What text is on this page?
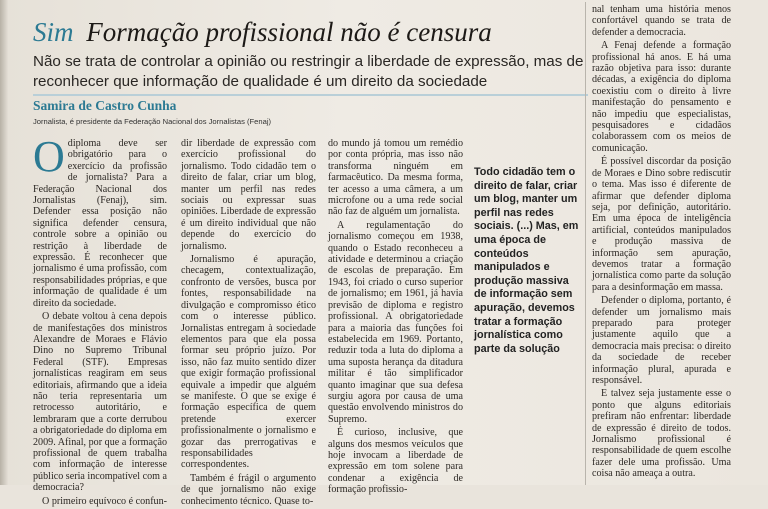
Sim Formação profissional não é censura
Não se trata de controlar a opinião ou restringir a liberdade de expressão, mas de reconhecer que informação de qualidade é um direito da sociedade
Samira de Castro Cunha
Jornalista, é presidente da Federação Nacional dos Jornalistas (Fenaj)

Odiploma deve ser obrigatório para o exercício da profissão de jornalista? Para a Federação Nacional dos Jornalistas (Fenaj), sim. Defender essa posição não significa defender censura, controle sobre a opinião ou restrição à liberdade de expressão. É reconhecer que jornalismo é uma profissão, com responsabilidades próprias, e que informação de qualidade é um direito da sociedade.

O debate voltou à cena depois de manifestações dos ministros Alexandre de Moraes e Flávio Dino no Supremo Tribunal Federal (STF). Empresas jornalísticas reagiram em seus editoriais, afirmando que a ideia não teria representaria um retrocesso autoritário, e lembraram que a corte derrubou a obrigatoriedade do diploma em 2009. Afinal, por que a formação profissional de quem trabalha com informação de interesse público seria incompatível com a democracia?

O primeiro equívoco é confun-

dir liberdade de expressão com exercício profissional do jornalismo. Todo cidadão tem o direito de falar, criar um blog, manter um perfil nas redes sociais ou expressar suas opiniões. Liberdade de expressão é um direito individual que não depende do exercício do jornalismo.

Jornalismo é apuração, checagem, contextualização, confronto de versões, busca por fontes, responsabilidade na divulgação e compromisso ético com o interesse público. Jornalistas entregam à sociedade elementos para que ela possa formar seu próprio juízo. Por isso, não faz muito sentido dizer que exigir formação profissional equivale a impedir que alguém se manifeste. O que se exige é formação específica de quem pretende exercer profissionalmente o jornalismo e gozar das prerrogativas e responsabilidades correspondentes.

Também é frágil o argumento de que jornalismo não exige conhecimento técnico. Quase to-

do mundo já tomou um remédio por conta própria, mas isso não transforma ninguém em farmacêutico. Da mesma forma, ter acesso a uma câmera, a um microfone ou a uma rede social não faz de alguém um jornalista.

A regulamentação do jornalismo começou em 1938, quando o Estado reconheceu a atividade e determinou a criação de escolas de preparação. Em 1943, foi criado o curso superior de jornalismo; em 1961, já havia previsão de diploma e registro profissional. A obrigatoriedade para a maioria das funções foi estabelecida em 1969. Portanto, reduzir toda a luta do diploma a uma suposta herança da ditadura militar é tão simplificador quanto imaginar que sua defesa surgiu agora por causa de uma questão envolvendo ministros do Supremo.

É curioso, inclusive, que alguns dos mesmos veículos que hoje invocam a liberdade de expressão em tom solene para condenar a exigência de formação profissio-

Todo cidadão tem o direito de falar, criar um blog, manter um perfil nas redes sociais. (...) Mas, em uma época de conteúdos manipulados e produção massiva de informação sem apuração, devemos tratar a formação jornalística como parte da solução

nal tenham uma história menos confortável quando se trata de defender a democracia.

A Fenaj defende a formação profissional há anos. E há uma razão objetiva para isso: durante décadas, a exigência do diploma coexistiu com o direito à livre manifestação do pensamento e não impediu que especialistas, pesquisadores e cidadãos colaborassem com os meios de comunicação.

É possível discordar da posição de Moraes e Dino sobre rediscutir o tema. Mas isso é diferente de afirmar que defender diploma seja, por definição, autoritário. Em uma época de inteligência artificial, conteúdos manipulados e produção massiva de informação sem apuração, devemos tratar a formação jornalística como parte da solução para a desinformação em massa.

Defender o diploma, portanto, é defender um jornalismo mais preparado para proteger justamente aquilo que a democracia mais precisa: o direito da sociedade de receber informação plural, apurada e responsável.

E talvez seja justamente esse o ponto que alguns editoriais prefiram não enfrentar: liberdade de expressão é direito de todos. Jornalismo profissional é responsabilidade de quem escolhe fazer dele uma profissão. Uma coisa não ameaça a outra.
